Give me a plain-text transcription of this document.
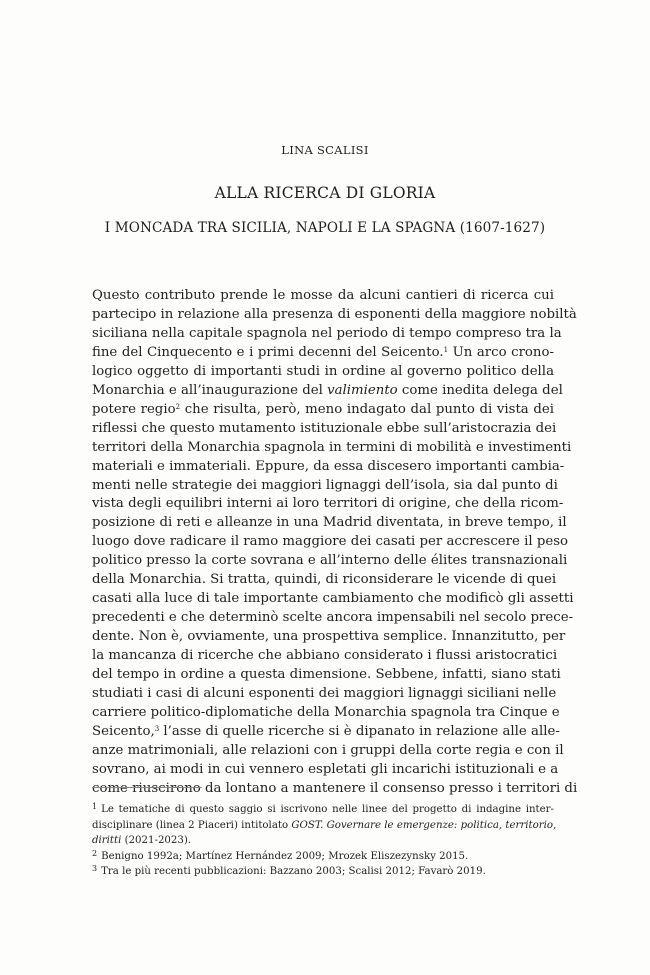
LINA SCALISI
ALLA RICERCA DI GLORIA
I MONCADA TRA SICILIA, NAPOLI E LA SPAGNA (1607-1627)
Questo contributo prende le mosse da alcuni cantieri di ricerca cui
partecipo in relazione alla presenza di esponenti della maggiore nobiltà
siciliana nella capitale spagnola nel periodo di tempo compreso tra la
fine del Cinquecento e i primi decenni del Seicento.$^1$ Un arco crono-
logico oggetto di importanti studi in ordine al governo politico della
Monarchia e all’inaugurazione del valimiento come inedita delega del
potere regio$^2$ che risulta, però, meno indagato dal punto di vista dei
riflessi che questo mutamento istituzionale ebbe sull’aristocrazia dei
territori della Monarchia spagnola in termini di mobilità e investimenti
materiali e immateriali. Eppure, da essa discesero importanti cambia-
menti nelle strategie dei maggiori lignaggi dell’isola, sia dal punto di
vista degli equilibri interni ai loro territori di origine, che della ricom-
posizione di reti e alleanze in una Madrid diventata, in breve tempo, il
luogo dove radicare il ramo maggiore dei casati per accrescere il peso
politico presso la corte sovrana e all’interno delle élites transnazionali
della Monarchia. Si tratta, quindi, di riconsiderare le vicende di quei
casati alla luce di tale importante cambiamento che modificò gli assetti
precedenti e che determinò scelte ancora impensabili nel secolo prece-
dente. Non è, ovviamente, una prospettiva semplice. Innanzitutto, per
la mancanza di ricerche che abbiano considerato i flussi aristocratici
del tempo in ordine a questa dimensione. Sebbene, infatti, siano stati
studiati i casi di alcuni esponenti dei maggiori lignaggi siciliani nelle
carriere politico-diplomatiche della Monarchia spagnola tra Cinque e
Seicento,$^3$ l’asse di quelle ricerche si è dipanato in relazione alle alle-
anze matrimoniali, alle relazioni con i gruppi della corte regia e con il
sovrano, ai modi in cui vennero espletati gli incarichi istituzionali e a
come riuscirono da lontano a mantenere il consenso presso i territori di
$^1$ Le tematiche di questo saggio si iscrivono nelle linee del progetto di indagine inter-
disciplinare (linea 2 Piaceri) intitolato GOST. Governare le emergenze: politica, territorio,
diritti (2021-2023).
$^2$ Benigno 1992a; Martínez Hernández 2009; Mrozek Eliszezynsky 2015.
$^3$ Tra le più recenti pubblicazioni: Bazzano 2003; Scalisi 2012; Favarò 2019.
